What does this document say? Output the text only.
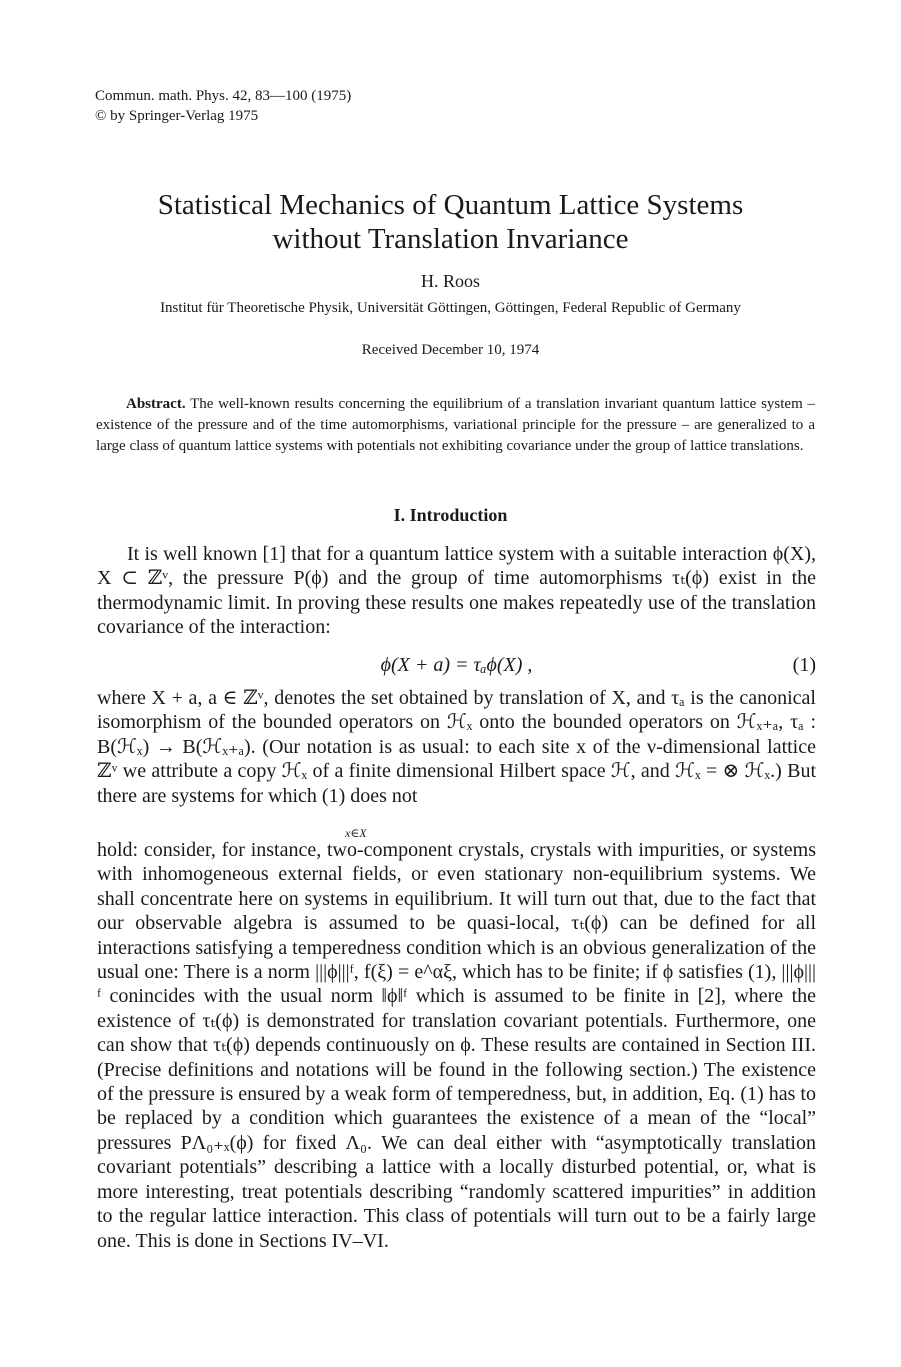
Commun. math. Phys. 42, 83—100 (1975)
© by Springer-Verlag 1975
Statistical Mechanics of Quantum Lattice Systems
without Translation Invariance
H. Roos
Institut für Theoretische Physik, Universität Göttingen, Göttingen, Federal Republic of Germany
Received December 10, 1974
Abstract. The well-known results concerning the equilibrium of a translation invariant quantum lattice system – existence of the pressure and of the time automorphisms, variational principle for the pressure – are generalized to a large class of quantum lattice systems with potentials not exhibiting covariance under the group of lattice translations.
I. Introduction

It is well known [1] that for a quantum lattice system with a suitable interaction ϕ(X), X ⊂ ℤᵛ, the pressure P(ϕ) and the group of time automorphisms τₜ(ϕ) exist in the thermodynamic limit. In proving these results one makes repeatedly use of the translation covariance of the interaction:

ϕ(X + a) = τₐϕ(X) ,	(1)

where X + a, a ∈ ℤᵛ, denotes the set obtained by translation of X, and τₐ is the canonical isomorphism of the bounded operators on ℋₓ onto the bounded operators on ℋₓ₊ₐ, τₐ : B(ℋₓ) → B(ℋₓ₊ₐ). (Our notation is as usual: to each site x of the ν-dimensional lattice ℤᵛ we attribute a copy ℋₓ of a finite dimensional Hilbert space ℋ, and ℋₓ = ⊗ ℋₓ.) But there are systems for which (1) does not

x∈X

hold: consider, for instance, two-component crystals, crystals with impurities, or systems with inhomogeneous external fields, or even stationary non-equilibrium systems. We shall concentrate here on systems in equilibrium. It will turn out that, due to the fact that our observable algebra is assumed to be quasi-local, τₜ(ϕ) can be defined for all interactions satisfying a temperedness condition which is an obvious generalization of the usual one: There is a norm |||ϕ|||ᶠ, f(ξ) = e^αξ, which has to be finite; if ϕ satisfies (1), |||ϕ|||ᶠ conincides with the usual norm ‖ϕ‖ᶠ which is assumed to be finite in [2], where the existence of τₜ(ϕ) is demonstrated for translation covariant potentials. Furthermore, one can show that τₜ(ϕ) depends continuously on ϕ. These results are contained in Section III. (Precise definitions and notations will be found in the following section.) The existence of the pressure is ensured by a weak form of temperedness, but, in addition, Eq. (1) has to be replaced by a condition which guarantees the existence of a mean of the “local” pressures PΛ₀₊ₓ(ϕ) for fixed Λ₀. We can deal either with “asymptotically translation covariant potentials” describing a lattice with a locally disturbed potential, or, what is more interesting, treat potentials describing “randomly scattered impurities” in addition to the regular lattice interaction. This class of potentials will turn out to be a fairly large one. This is done in Sections IV–VI.
